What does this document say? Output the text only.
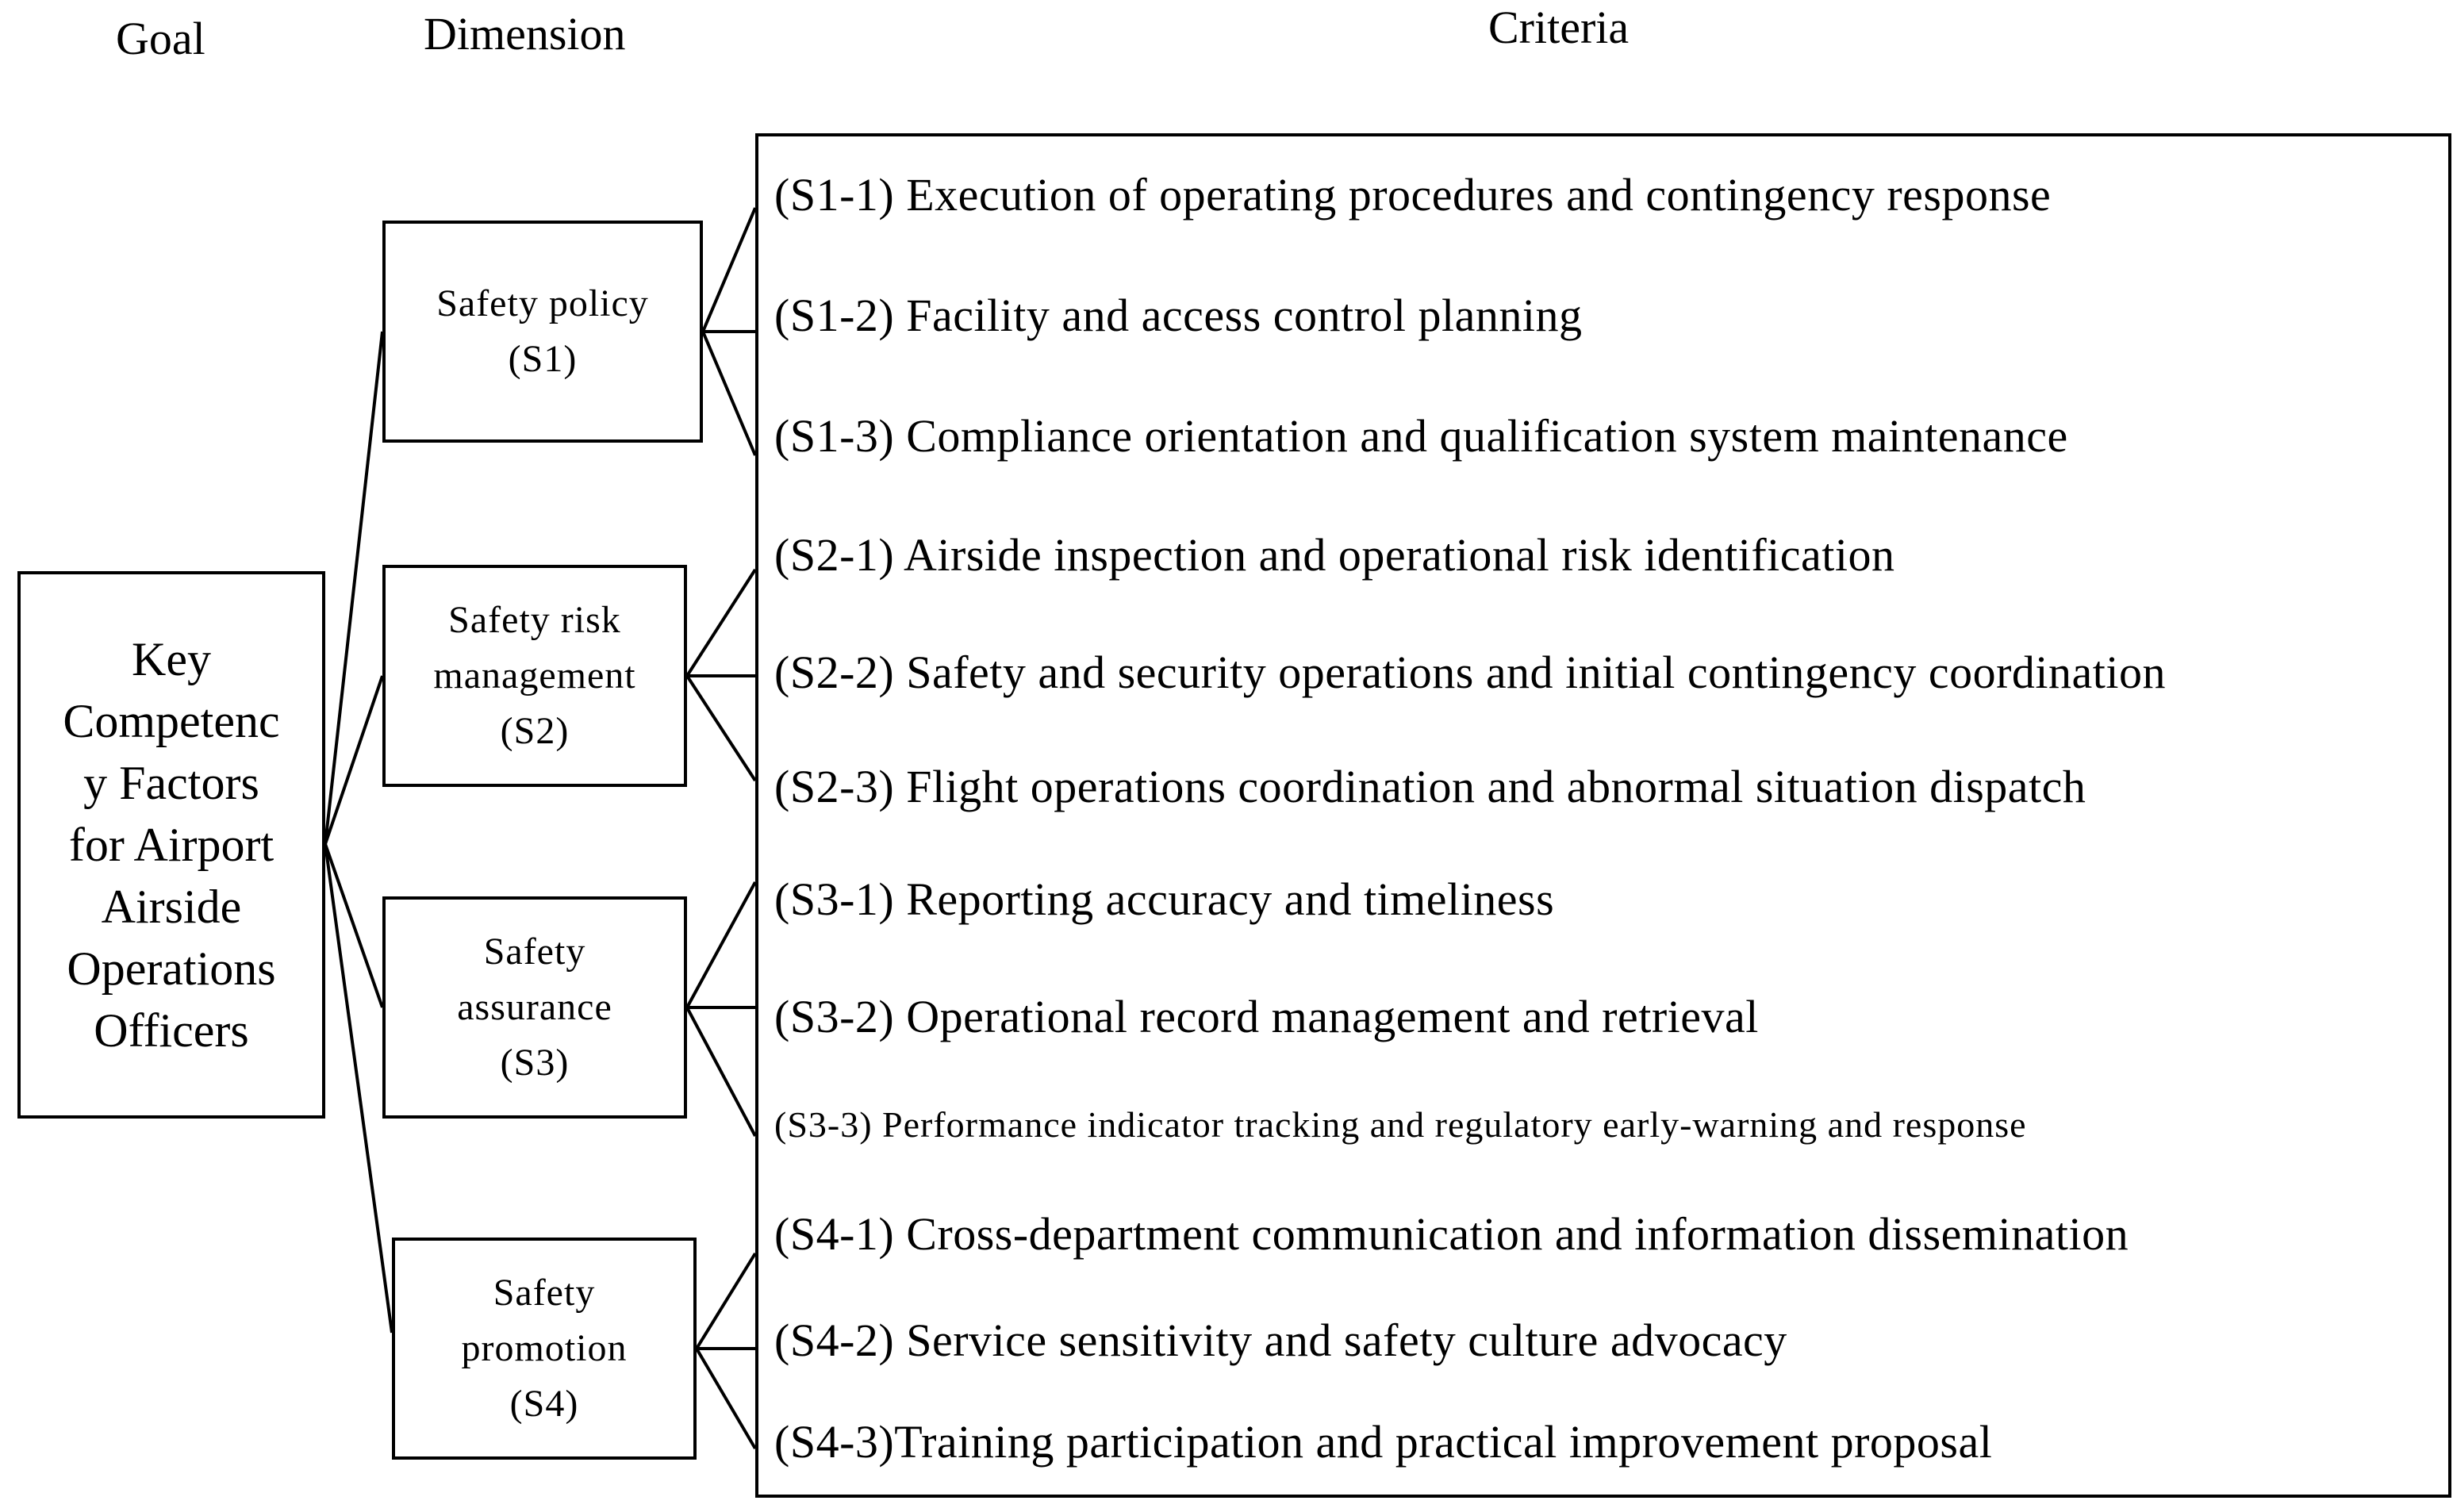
Goal	Dimension	Criteria
Key
Competenc
y Factors
for Airport
Airside
Operations
Officers
Safety policy
(S1)
Safety risk
management
(S2)
Safety
assurance
(S3)
Safety
promotion
(S4)
(S1-1) Execution of operating procedures and contingency response
(S1-2) Facility and access control planning
(S1-3) Compliance orientation and qualification system maintenance
(S2-1) Airside inspection and operational risk identification
(S2-2) Safety and security operations and initial contingency coordination
(S2-3) Flight operations coordination and abnormal situation dispatch
(S3-1) Reporting accuracy and timeliness
(S3-2) Operational record management and retrieval
(S3-3) Performance indicator tracking and regulatory early-warning and response
(S4-1) Cross-department communication and information dissemination
(S4-2) Service sensitivity and safety culture advocacy
(S4-3)Training participation and practical improvement proposal
